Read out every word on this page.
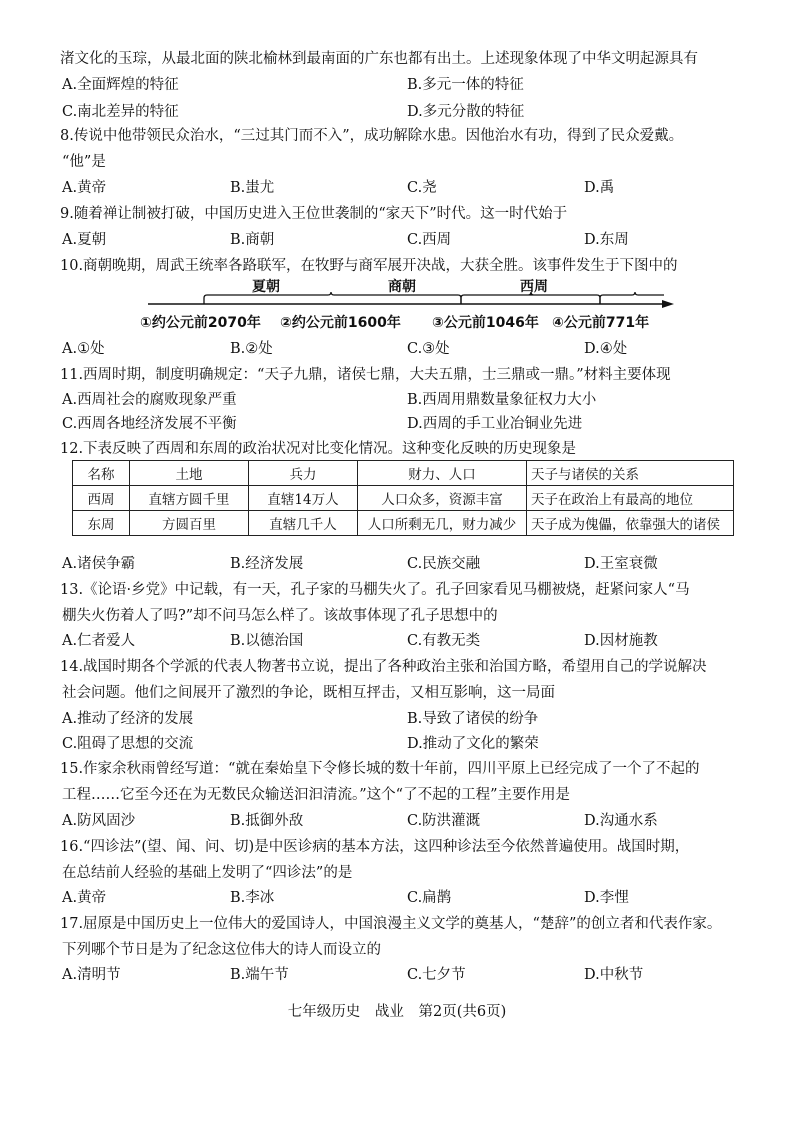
渚文化的玉琮，从最北面的陕北榆林到最南面的广东也都有出土。上述现象体现了中华文明起源具有
A.全面辉煌的特征	B.多元一体的特征
C.南北差异的特征	D.多元分散的特征
8.传说中他带领民众治水，“三过其门而不入”，成功解除水患。因他治水有功，得到了民众爱戴。
“他”是
A.黄帝	B.蚩尤	C.尧	D.禹
9.随着禅让制被打破，中国历史进入王位世袭制的“家天下”时代。这一时代始于
A.夏朝	B.商朝	C.西周	D.东周
10.商朝晚期，周武王统率各路联军，在牧野与商军展开决战，大获全胜。该事件发生于下图中的
夏朝	商朝	西周
①约公元前2070年 ②约公元前1600年 ③公元前1046年 ④公元前771年
A.①处	B.②处	C.③处	D.④处
11.西周时期，制度明确规定：“天子九鼎，诸侯七鼎，大夫五鼎，士三鼎或一鼎。”材料主要体现
A.西周社会的腐败现象严重	B.西周用鼎数量象征权力大小
C.西周各地经济发展不平衡	D.西周的手工业冶铜业先进
12.下表反映了西周和东周的政治状况对比变化情况。这种变化反映的历史现象是
名称	土地	兵力	财力、人口	天子与诸侯的关系
西周	直辖方圆千里	直辖14万人	人口众多，资源丰富	天子在政治上有最高的地位
东周	方圆百里	直辖几千人	人口所剩无几，财力减少	天子成为傀儡，依靠强大的诸侯
A.诸侯争霸	B.经济发展	C.民族交融	D.王室衰微
13.《论语·乡党》中记载，有一天，孔子家的马棚失火了。孔子回家看见马棚被烧，赶紧问家人“马
棚失火伤着人了吗?”却不问马怎么样了。该故事体现了孔子思想中的
A.仁者爱人	B.以德治国	C.有教无类	D.因材施教
14.战国时期各个学派的代表人物著书立说，提出了各种政治主张和治国方略，希望用自己的学说解决
社会问题。他们之间展开了激烈的争论，既相互抨击，又相互影响，这一局面
A.推动了经济的发展	B.导致了诸侯的纷争
C.阻碍了思想的交流	D.推动了文化的繁荣
15.作家余秋雨曾经写道：“就在秦始皇下令修长城的数十年前，四川平原上已经完成了一个了不起的
工程……它至今还在为无数民众输送汩汩清流。”这个“了不起的工程”主要作用是
A.防风固沙	B.抵御外敌	C.防洪灌溉	D.沟通水系
16.“四诊法”(望、闻、问、切)是中医诊病的基本方法，这四种诊法至今依然普遍使用。战国时期，
在总结前人经验的基础上发明了“四诊法”的是
A.黄帝	B.李冰	C.扁鹊	D.李悝
17.屈原是中国历史上一位伟大的爱国诗人，中国浪漫主义文学的奠基人，“楚辞”的创立者和代表作家。
下列哪个节日是为了纪念这位伟大的诗人而设立的
A.清明节	B.端午节	C.七夕节	D.中秋节
七年级历史 战业 第2页(共6页)
